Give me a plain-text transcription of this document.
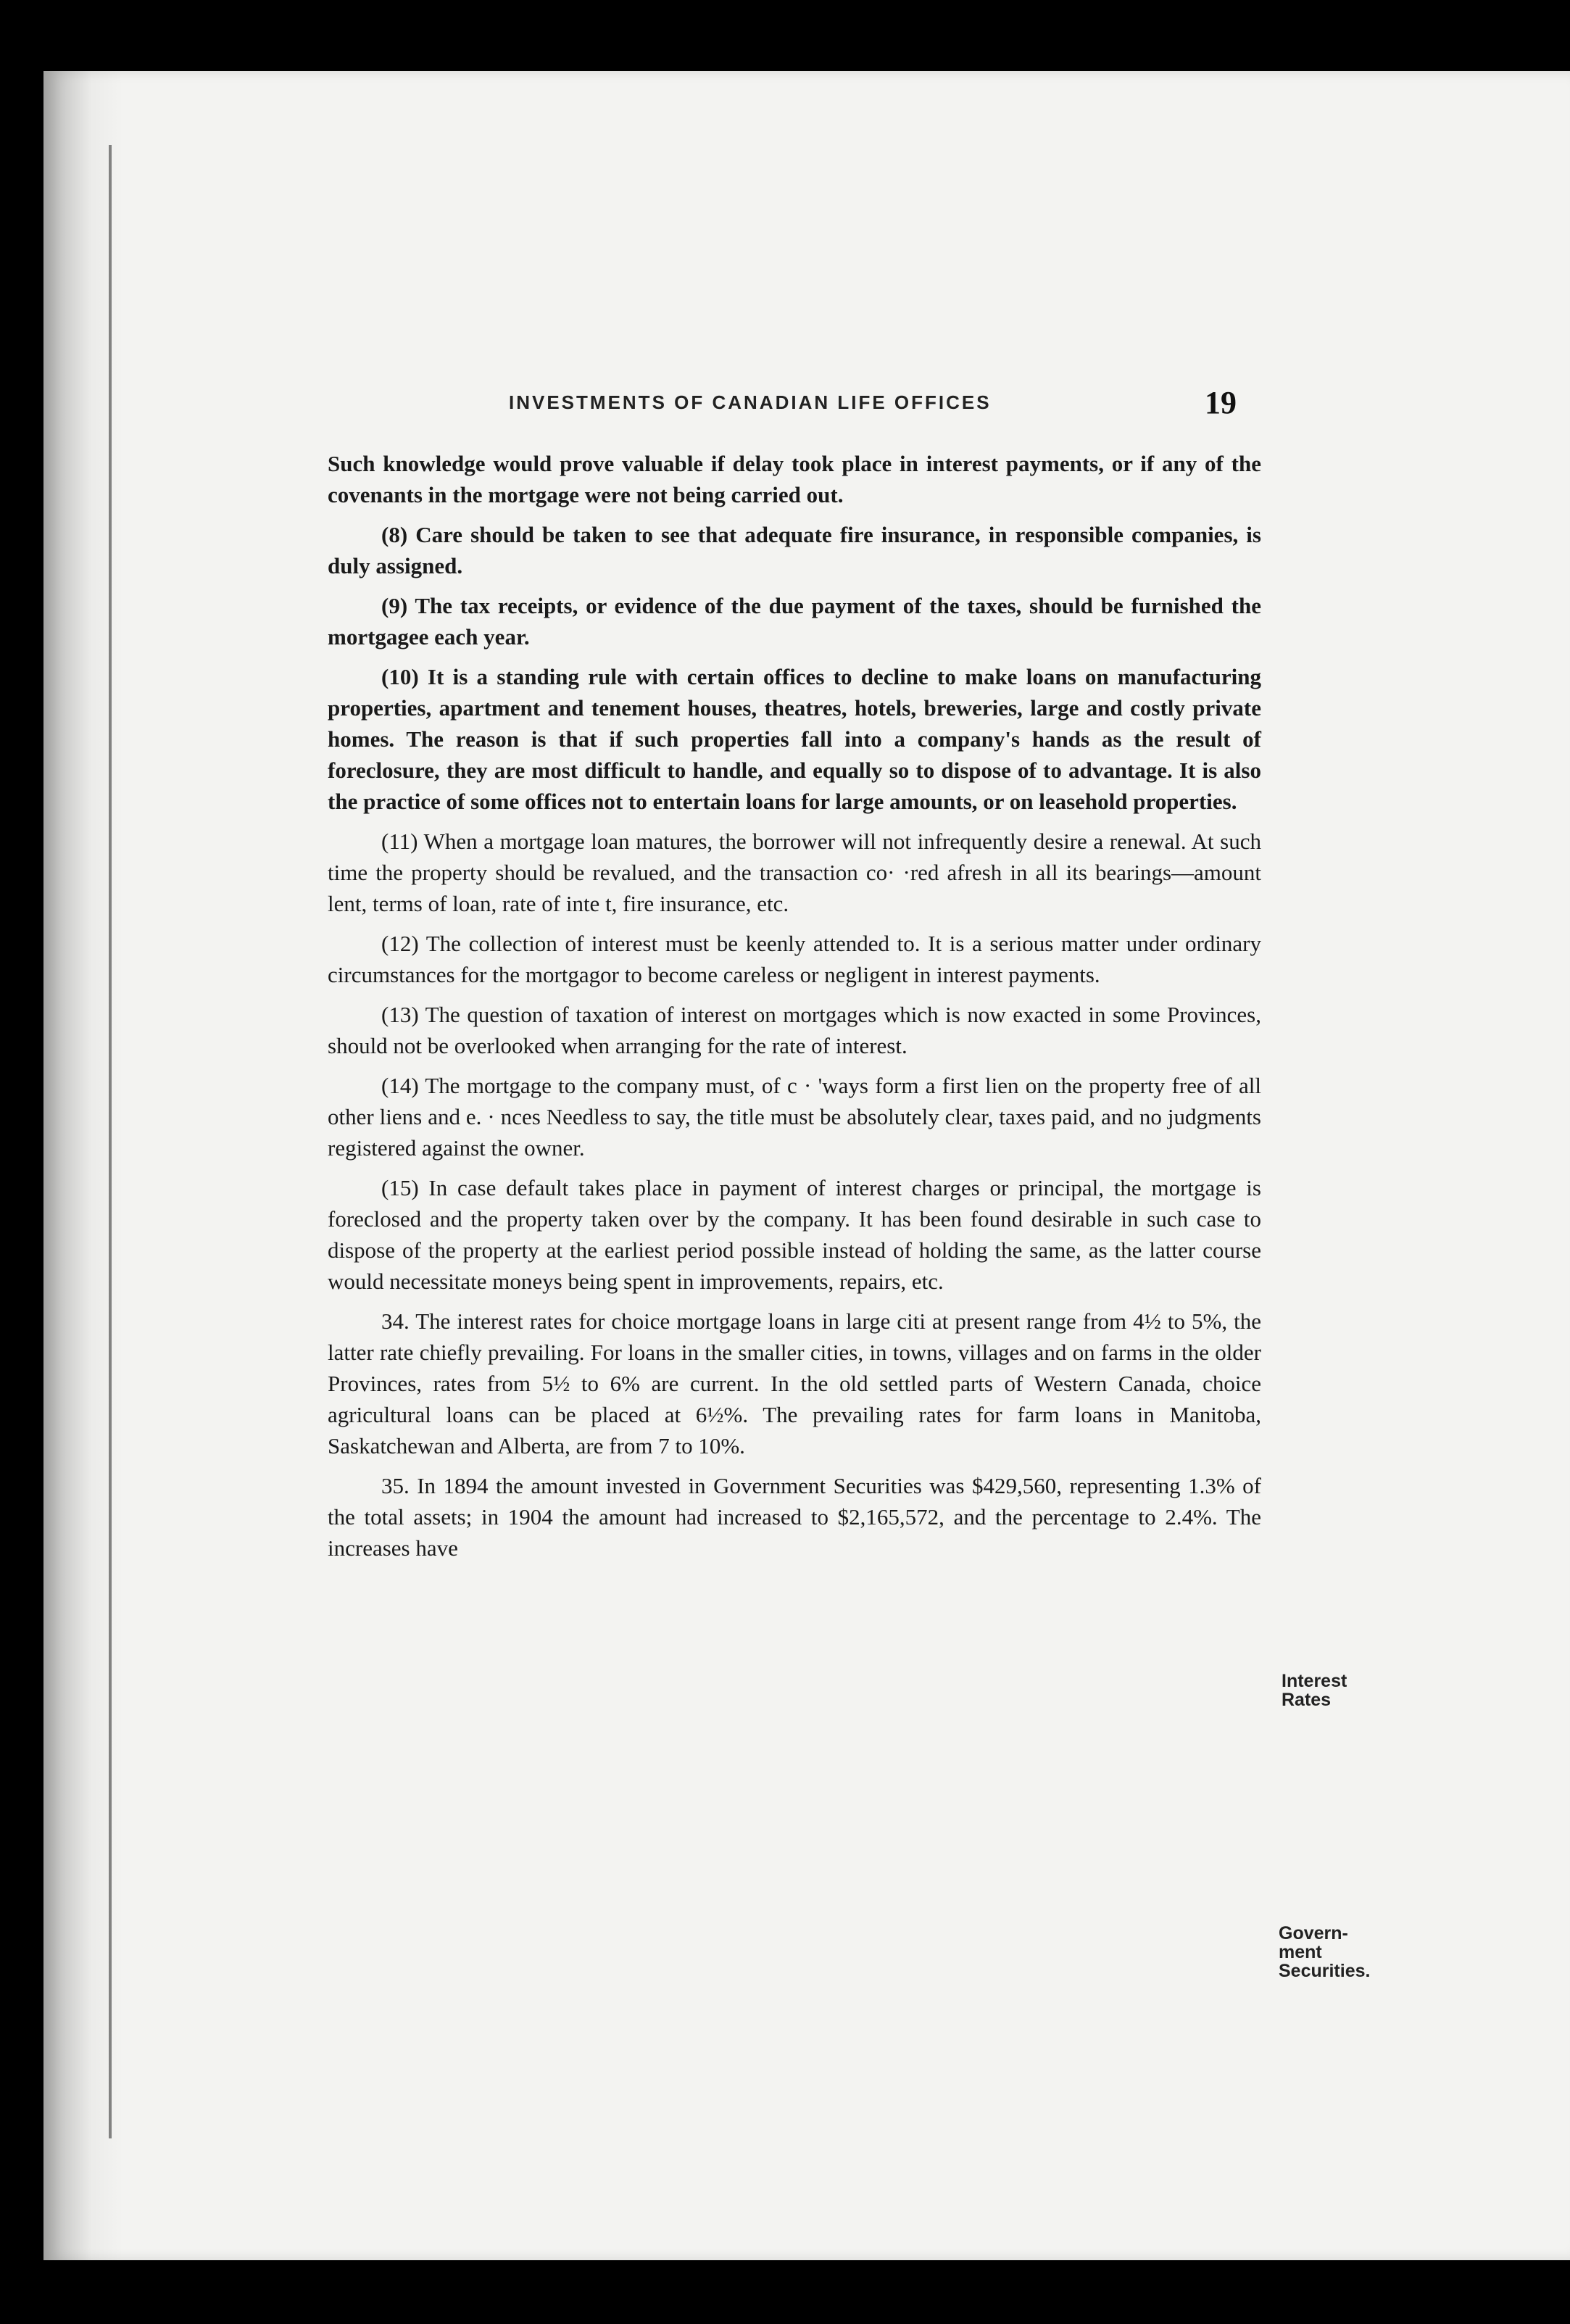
INVESTMENTS OF CANADIAN LIFE OFFICES	19

Such knowledge would prove valuable if delay took place in interest payments, or if any of the covenants in the mortgage were not being carried out.

(8) Care should be taken to see that adequate fire insurance, in responsible companies, is duly assigned.

(9) The tax receipts, or evidence of the due payment of the taxes, should be furnished the mortgagee each year.

(10) It is a standing rule with certain offices to decline to make loans on manufacturing properties, apartment and tenement houses, theatres, hotels, breweries, large and costly private homes. The reason is that if such properties fall into a company's hands as the result of foreclosure, they are most difficult to handle, and equally so to dispose of to advantage. It is also the practice of some offices not to entertain loans for large amounts, or on leasehold properties.

(11) When a mortgage loan matures, the borrower will not infrequently desire a renewal. At such time the property should be revalued, and the transaction co· ·red afresh in all its bearings—amount lent, terms of loan, rate of inte t, fire insurance, etc.

(12) The collection of interest must be keenly attended to. It is a serious matter under ordinary circumstances for the mortgagor to become careless or negligent in interest payments.

(13) The question of taxation of interest on mortgages which is now exacted in some Provinces, should not be overlooked when arranging for the rate of interest.

(14) The mortgage to the company must, of c · 'ways form a first lien on the property free of all other liens and e. · nces Needless to say, the title must be absolutely clear, taxes paid, and no judgments registered against the owner.

(15) In case default takes place in payment of interest charges or principal, the mortgage is foreclosed and the property taken over by the company. It has been found desirable in such case to dispose of the property at the earliest period possible instead of holding the same, as the latter course would necessitate moneys being spent in improvements, repairs, etc.

34. The interest rates for choice mortgage loans in large citi at present range from 4½ to 5%, the latter rate chiefly prevailing. For loans in the smaller cities, in towns, villages and on farms in the older Provinces, rates from 5½ to 6% are current. In the old settled parts of Western Canada, choice agricultural loans can be placed at 6½%. The prevailing rates for farm loans in Manitoba, Saskatchewan and Alberta, are from 7 to 10%.

35. In 1894 the amount invested in Government Securities was $429,560, representing 1.3% of the total assets; in 1904 the amount had increased to $2,165,572, and the percentage to 2.4%. The increases have

Interest
Rates
Govern-
ment
Securities.
